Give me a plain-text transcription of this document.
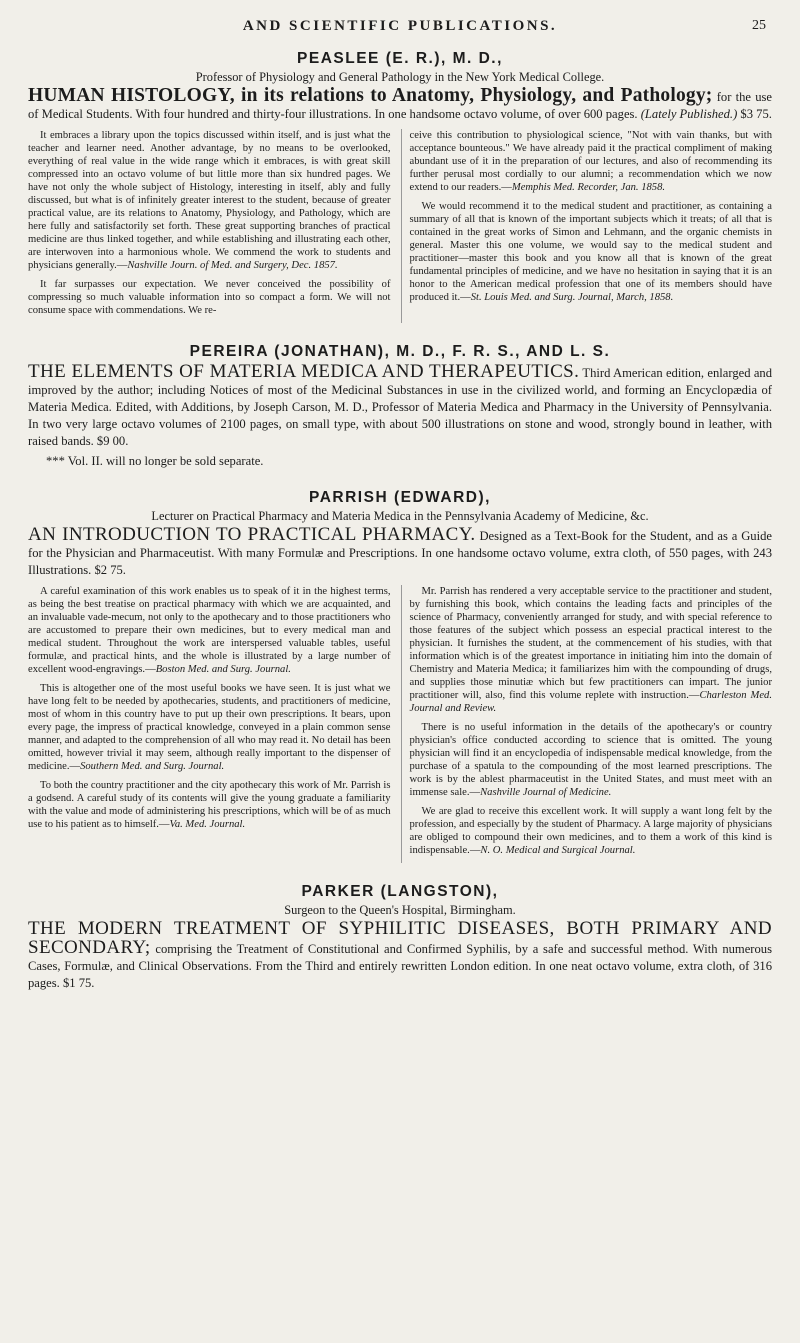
AND SCIENTIFIC PUBLICATIONS.	25
PEASLEE (E. R.), M. D.,
Professor of Physiology and General Pathology in the New York Medical College.

HUMAN HISTOLOGY, in its relations to Anatomy, Physiology, and Pathology; for the use of Medical Students. With four hundred and thirty-four illustrations. In one handsome octavo volume, of over 600 pages. (Lately Published.) $3 75.

It embraces a library upon the topics discussed within itself, and is just what the teacher and learner need. Another advantage, by no means to be overlooked, everything of real value in the wide range which it embraces, is with great skill compressed into an octavo volume of but little more than six hundred pages. We have not only the whole subject of Histology, interesting in itself, ably and fully discussed, but what is of infinitely greater interest to the student, because of greater practical value, are its relations to Anatomy, Physiology, and Pathology, which are here fully and satisfactorily set forth. These great supporting branches of practical medicine are thus linked together, and while establishing and illustrating each other, are interwoven into a harmonious whole. We commend the work to students and physicians generally.—Nashville Journ. of Med. and Surgery, Dec. 1857.

It far surpasses our expectation. We never conceived the possibility of compressing so much valuable information into so compact a form. We will not consume space with commendations. We re-

ceive this contribution to physiological science, "Not with vain thanks, but with acceptance bounteous." We have already paid it the practical compliment of making abundant use of it in the preparation of our lectures, and also of recommending its further perusal most cordially to our alumni; a recommendation which we now extend to our readers.—Memphis Med. Recorder, Jan. 1858.

We would recommend it to the medical student and practitioner, as containing a summary of all that is known of the important subjects which it treats; of all that is contained in the great works of Simon and Lehmann, and the organic chemists in general. Master this one volume, we would say to the medical student and practitioner—master this book and you know all that is known of the great fundamental principles of medicine, and we have no hesitation in saying that it is an honor to the American medical profession that one of its members should have produced it.—St. Louis Med. and Surg. Journal, March, 1858.

PEREIRA (JONATHAN), M. D., F. R. S., AND L. S.

THE ELEMENTS OF MATERIA MEDICA AND THERAPEUTICS. Third American edition, enlarged and improved by the author; including Notices of most of the Medicinal Substances in use in the civilized world, and forming an Encyclopædia of Materia Medica. Edited, with Additions, by Joseph Carson, M. D., Professor of Materia Medica and Pharmacy in the University of Pennsylvania. In two very large octavo volumes of 2100 pages, on small type, with about 500 illustrations on stone and wood, strongly bound in leather, with raised bands. $9 00.

*** Vol. II. will no longer be sold separate.
PARRISH (EDWARD),
Lecturer on Practical Pharmacy and Materia Medica in the Pennsylvania Academy of Medicine, &c.

AN INTRODUCTION TO PRACTICAL PHARMACY. Designed as a Text-Book for the Student, and as a Guide for the Physician and Pharmaceutist. With many Formulæ and Prescriptions. In one handsome octavo volume, extra cloth, of 550 pages, with 243 Illustrations. $2 75.

A careful examination of this work enables us to speak of it in the highest terms, as being the best treatise on practical pharmacy with which we are acquainted, and an invaluable vade-mecum, not only to the apothecary and to those practitioners who are accustomed to prepare their own medicines, but to every medical man and medical student. Throughout the work are interspersed valuable tables, useful formulæ, and practical hints, and the whole is illustrated by a large number of excellent wood-engravings.—Boston Med. and Surg. Journal.

This is altogether one of the most useful books we have seen. It is just what we have long felt to be needed by apothecaries, students, and practitioners of medicine, most of whom in this country have to put up their own prescriptions. It bears, upon every page, the impress of practical knowledge, conveyed in a plain common sense manner, and adapted to the comprehension of all who may read it. No detail has been omitted, however trivial it may seem, although really important to the dispenser of medicine.—Southern Med. and Surg. Journal.

To both the country practitioner and the city apothecary this work of Mr. Parrish is a godsend. A careful study of its contents will give the young graduate a familiarity with the value and mode of administering his prescriptions, which will be of as much use to his patient as to himself.—Va. Med. Journal.

Mr. Parrish has rendered a very acceptable service to the practitioner and student, by furnishing this book, which contains the leading facts and principles of the science of Pharmacy, conveniently arranged for study, and with special reference to those features of the subject which possess an especial practical interest to the physician. It furnishes the student, at the commencement of his studies, with that information which is of the greatest importance in initiating him into the domain of Chemistry and Materia Medica; it familiarizes him with the compounding of drugs, and supplies those minutiæ which but few practitioners can impart. The junior practitioner will, also, find this volume replete with instruction.—Charleston Med. Journal and Review.

There is no useful information in the details of the apothecary's or country physician's office conducted according to science that is omitted. The young physician will find it an encyclopedia of indispensable medical knowledge, from the purchase of a spatula to the compounding of the most learned prescriptions. The work is by the ablest pharmaceutist in the United States, and must meet with an immense sale.—Nashville Journal of Medicine.

We are glad to receive this excellent work. It will supply a want long felt by the profession, and especially by the student of Pharmacy. A large majority of physicians are obliged to compound their own medicines, and to them a work of this kind is indispensable.—N. O. Medical and Surgical Journal.

PARKER (LANGSTON),
Surgeon to the Queen's Hospital, Birmingham.

THE MODERN TREATMENT OF SYPHILITIC DISEASES, BOTH PRIMARY AND SECONDARY; comprising the Treatment of Constitutional and Confirmed Syphilis, by a safe and successful method. With numerous Cases, Formulæ, and Clinical Observations. From the Third and entirely rewritten London edition. In one neat octavo volume, extra cloth, of 316 pages. $1 75.
